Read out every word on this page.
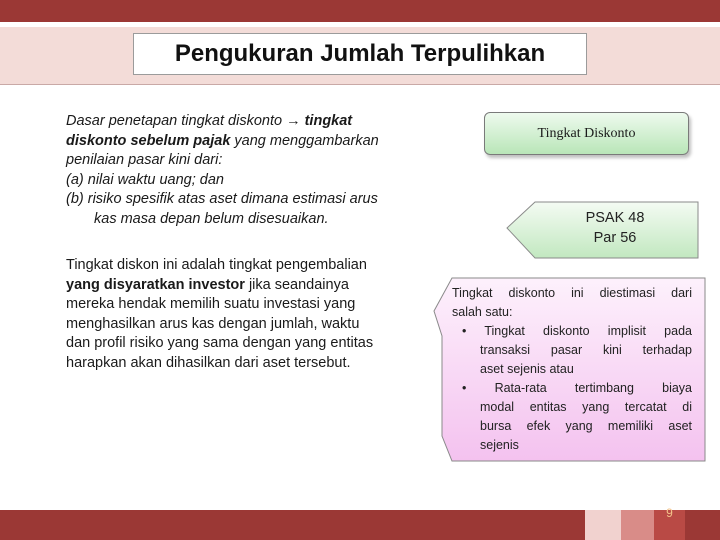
Pengukuran Jumlah Terpulihkan
Dasar penetapan tingkat diskonto → tingkat
diskonto sebelum pajak yang menggambarkan
penilaian pasar kini dari:
(a) nilai waktu uang; dan
(b) risiko spesifik atas aset dimana estimasi arus
kas masa depan belum disesuaikan.
Tingkat diskon ini adalah tingkat pengembalian
yang disyaratkan investor jika seandainya
mereka hendak memilih suatu investasi yang
menghasilkan arus kas dengan jumlah, waktu
dan profil risiko yang sama dengan yang entitas
harapkan akan dihasilkan dari aset tersebut.
Tingkat Diskonto
PSAK 48
Par 56
Tingkat diskonto ini diestimasi dari
salah satu:
• Tingkat diskonto implisit pada
transaksi pasar kini terhadap
aset sejenis atau
• Rata-rata tertimbang biaya
modal entitas yang tercatat di
bursa efek yang memiliki aset
sejenis
9
